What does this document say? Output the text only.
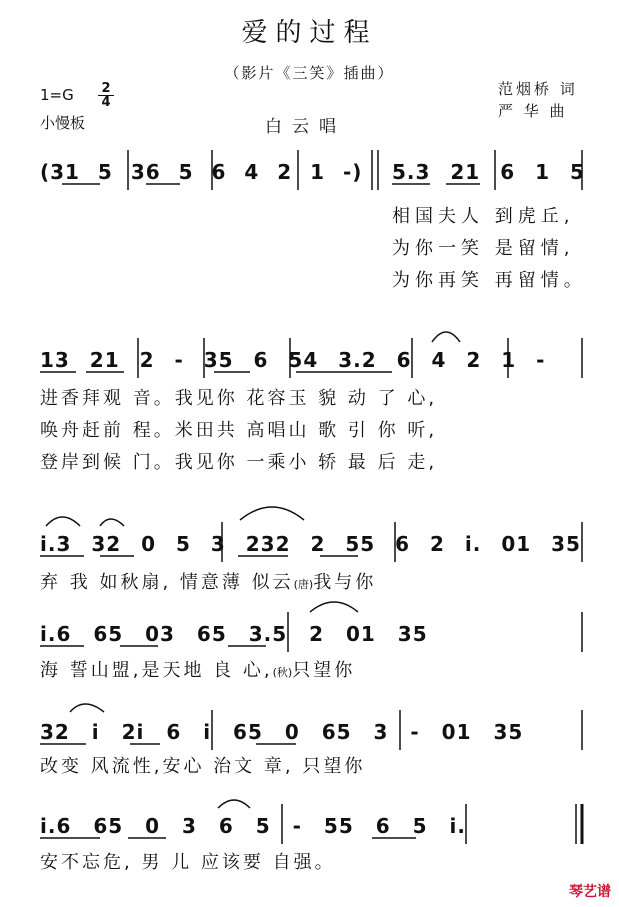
爱的过程
（影片《三笑》插曲）
1=G 2
4
小慢板	白云唱
范烟桥 词
严 华 曲
(31 5 36 5 6 4 2 1 -) 5.3 21 6 1 5
相国夫人 到虎丘,
为你一笑 是留情,
为你再笑 再留情。
13 21 2 - 35 6 54 3.2 6 4 2 1 -
进香拜观 音。我见你 花容玉 貌 动 了 心,
唤舟赶前 程。米田共 高唱山 歌 引 你 听,
登岸到候 门。我见你 一乘小 轿 最 后 走,
i.3 32 0 5 3 232 2 55 6 2 i. 01 35
弃 我 如秋扇, 情意薄 似云(唐)我与你
i.6 65 03 65 3.5 2 01 35
海 誓山盟,是天地 良 心,(秋)只望你
32 i 2i 6 i 65 0 65 3 - 01 35
改变 风流性,安心 治文 章, 只望你
i.6 65 0 3 6 5 - 55 6 5 i.
安不忘危, 男 儿 应该要 自强。
琴艺谱
